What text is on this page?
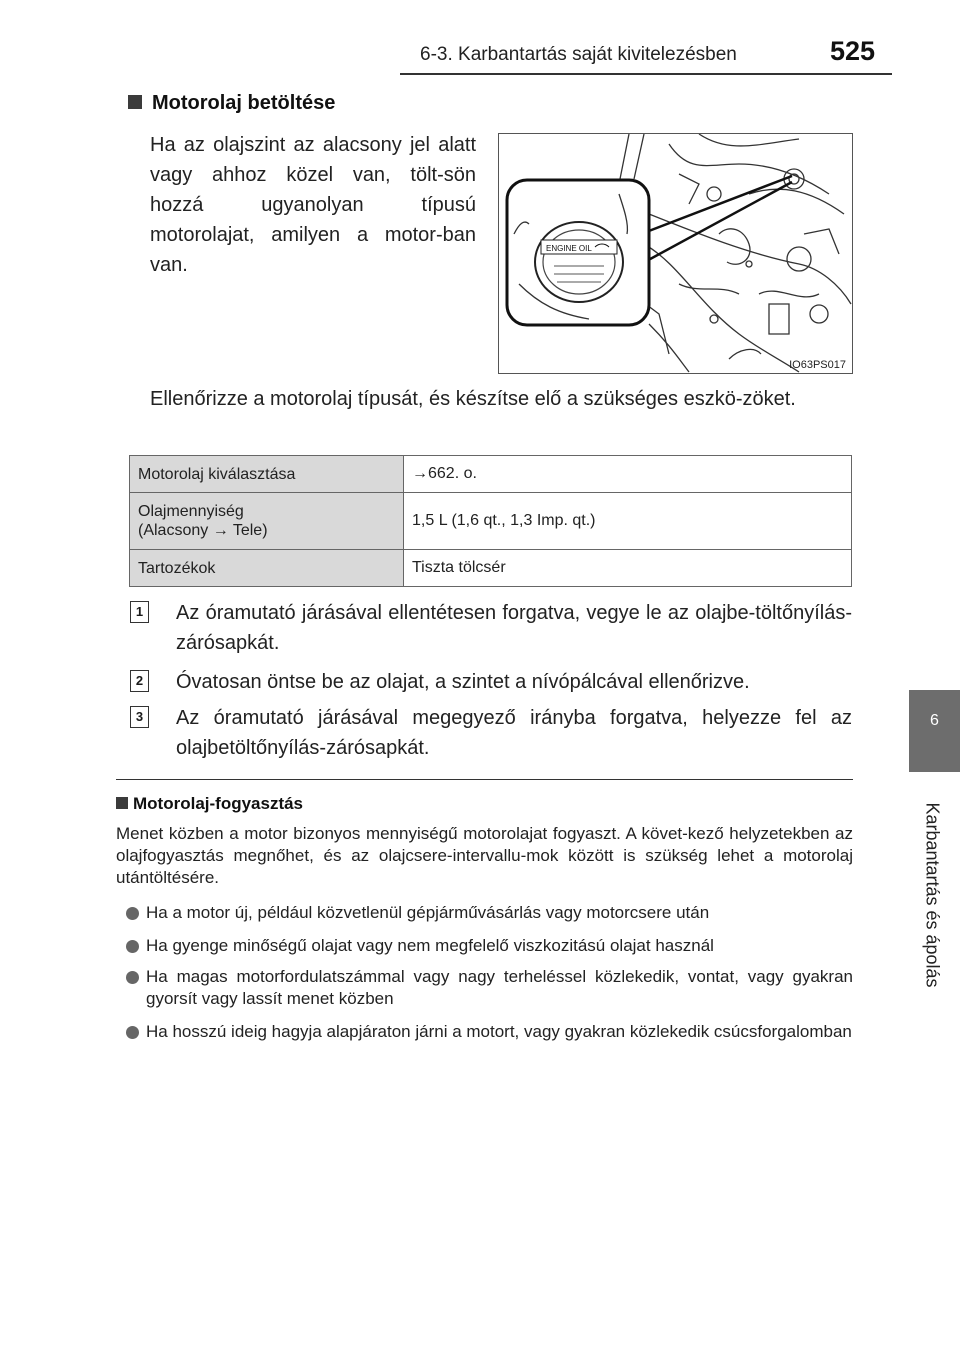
6-3. Karbantartás saját kivitelezésben	525
6
Karbantartás és ápolás
Motorolaj betöltése
Ha az olajszint az alacsony jel alatt vagy ahhoz közel van, tölt-sön hozzá ugyanolyan típusú motorolajat, amilyen a motor-ban van.
ENGINE OIL
IO63PS017
Ellenőrizze a motorolaj típusát, és készítse elő a szükséges eszkö-zöket.
Motorolaj kiválasztása	→662. o.

Olajmennyiség
(Alacsony → Tele)	1,5 L (1,6 qt., 1,3 Imp. qt.)

Tartozékok	Tiszta tölcsér
1 Az óramutató járásával ellentétesen forgatva, vegye le az olajbe-töltőnyílás-zárósapkát.
2 Óvatosan öntse be az olajat, a szintet a nívópálcával ellenőrizve.
3 Az óramutató járásával megegyező irányba forgatva, helyezze fel az olajbetöltőnyílás-zárósapkát.
Motorolaj-fogyasztás
Menet közben a motor bizonyos mennyiségű motorolajat fogyaszt. A követ-kező helyzetekben az olajfogyasztás megnőhet, és az olajcsere-intervallu-mok között is szükség lehet a motorolaj utántöltésére.
Ha a motor új, például közvetlenül gépjárművásárlás vagy motorcsere után
Ha gyenge minőségű olajat vagy nem megfelelő viszkozitású olajat használ
Ha magas motorfordulatszámmal vagy nagy terheléssel közlekedik, vontat, vagy gyakran gyorsít vagy lassít menet közben
Ha hosszú ideig hagyja alapjáraton járni a motort, vagy gyakran közlekedik csúcsforgalomban
